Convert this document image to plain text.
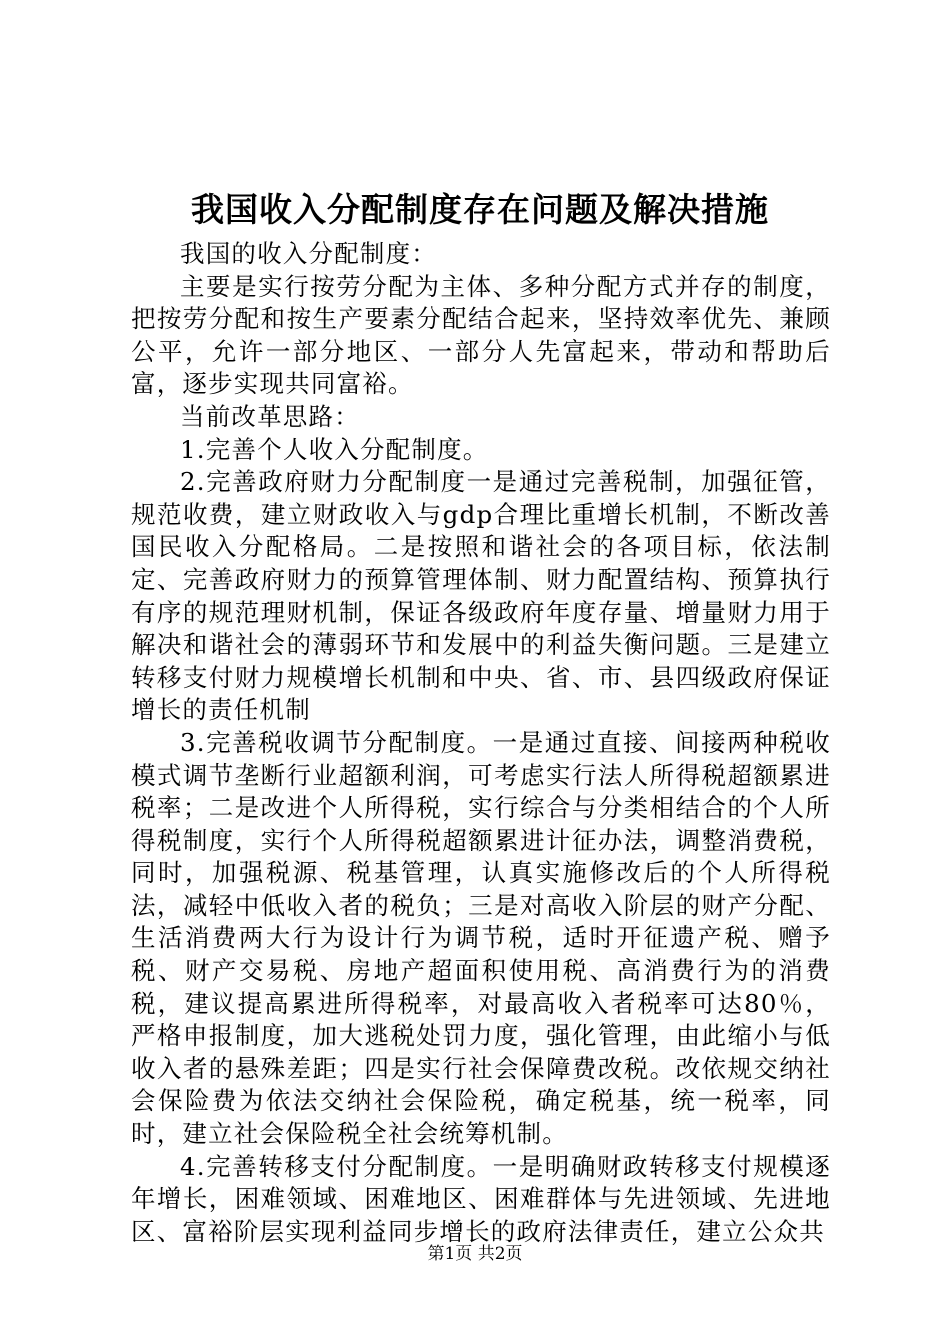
我国收入分配制度存在问题及解决措施

我国的收入分配制度：

主要是实行按劳分配为主体、多种分配方式并存的制度，把按劳分配和按生产要素分配结合起来，坚持效率优先、兼顾公平，允许一部分地区、一部分人先富起来，带动和帮助后富，逐步实现共同富裕。

当前改革思路：

1.完善个人收入分配制度。

2.完善政府财力分配制度一是通过完善税制，加强征管，规范收费，建立财政收入与gdp合理比重增长机制，不断改善国民收入分配格局。二是按照和谐社会的各项目标，依法制定、完善政府财力的预算管理体制、财力配置结构、预算执行有序的规范理财机制，保证各级政府年度存量、增量财力用于解决和谐社会的薄弱环节和发展中的利益失衡问题。三是建立转移支付财力规模增长机制和中央、省、市、县四级政府保证增长的责任机制

3.完善税收调节分配制度。一是通过直接、间接两种税收模式调节垄断行业超额利润，可考虑实行法人所得税超额累进税率；二是改进个人所得税，实行综合与分类相结合的个人所得税制度，实行个人所得税超额累进计征办法，调整消费税，同时，加强税源、税基管理，认真实施修改后的个人所得税法，减轻中低收入者的税负；三是对高收入阶层的财产分配、生活消费两大行为设计行为调节税，适时开征遗产税、赠予税、财产交易税、房地产超面积使用税、高消费行为的消费税，建议提高累进所得税率，对最高收入者税率可达80％，严格申报制度，加大逃税处罚力度，强化管理，由此缩小与低收入者的悬殊差距；四是实行社会保障费改税。改依规交纳社会保险费为依法交纳社会保险税，确定税基，统一税率，同时，建立社会保险税全社会统筹机制。

4.完善转移支付分配制度。一是明确财政转移支付规模逐年增长，困难领域、困难地区、困难群体与先进领域、先进地区、富裕阶层实现利益同步增长的政府法律责任，建立公众共

第1页 共2页
